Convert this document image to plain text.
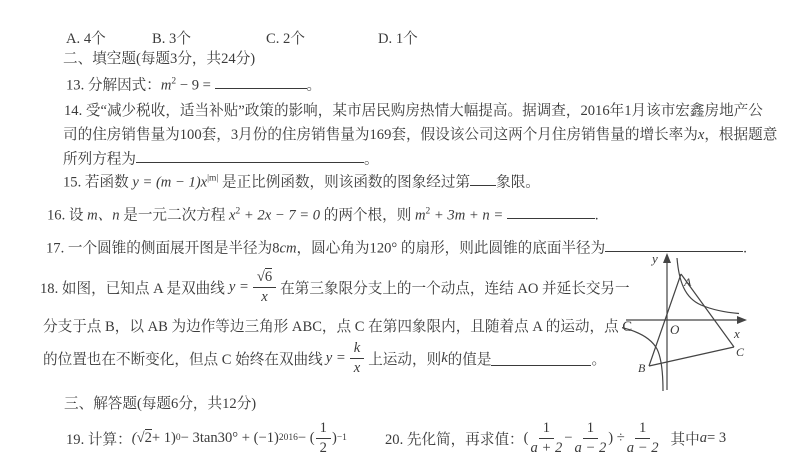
A. 4个	B. 3个	C. 2个	D. 1个
二、填空题(每题3分，共24分)
13. 分解因式：$m^2 - 9$ =	。
14. 受“减少税收，适当补贴”政策的影响，某市居民购房热情大幅提高。据调查，2016年1月该市宏鑫房地产公
司的住房销售量为100套，3月份的住房销售量为169套，假设该公司这两个月住房销售量的增长率为x，根据题意
所列方程为	。
15. 若函数 $y = (m - 1)x^{|m|}$ 是正比例函数，则该函数的图象经过第 象限。
16. 设 m、n 是一元二次方程 $x^2 + 2x - 7 = 0$ 的两个根，则 $m^2 + 3m + n$ =	.
17. 一个圆锥的侧面展开图是半径为8cm，圆心角为120° 的扇形，则此圆锥的底面半径为	.
18. 如图，已知点 A 是双曲线 $y = \frac{√6}{x}$ 在第三象限分支上的一个动点，连结 AO 并延长交另一
分支于点 B，以 AB 为边作等边三角形 ABC，点 C 在第四象限内，且随着点 A 的运动，点 C
的位置也在不断变化，但点 C 始终在双曲线 $y = \frac{k}{x}$ 上运动，则 k 的值是	。
y
x
O
A
B
C
三、解答题(每题6分，共12分)
19. 计算： ( √ 2 + 1) 0 − 3tan30° + (−1) 2016 − ( $\frac{1}{2}$ ) −1	20. 先化简，再求值： ( $\frac{1}{a + 2} - \frac{1}{a - 2}$ ) ÷ $\frac{1}{a - 2}$ 其中 a = 3
